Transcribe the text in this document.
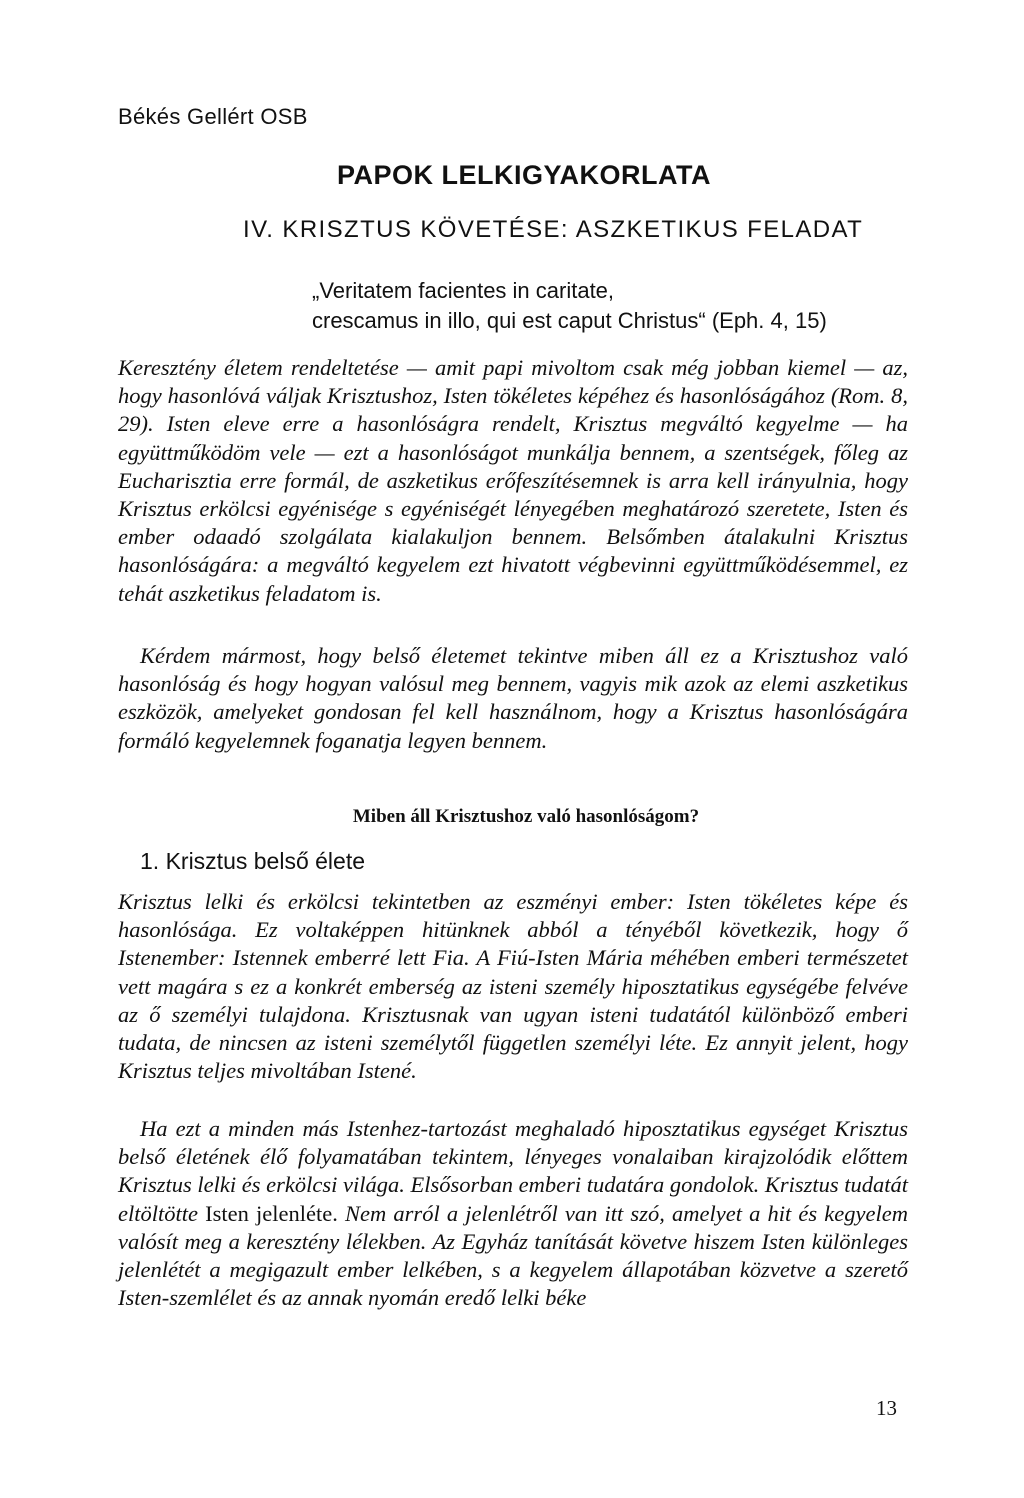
Békés Gellért OSB
PAPOK LELKIGYAKORLATA
IV. KRISZTUS KÖVETÉSE: ASZKETIKUS FELADAT
„Veritatem facientes in caritate,
crescamus in illo, qui est caput Christus“ (Eph. 4, 15)

Keresztény életem rendeltetése — amit papi mivoltom csak még jobban kiemel — az, hogy hasonlóvá váljak Krisztushoz, Isten tökéletes képéhez és hasonlóságához (Rom. 8, 29). Isten eleve erre a hasonlóságra rendelt, Krisztus megváltó kegyelme — ha együttműködöm vele — ezt a hasonlóságot munkálja bennem, a szentségek, főleg az Eucharisztia erre formál, de aszketikus erőfeszítésemnek is arra kell irányulnia, hogy Krisztus erkölcsi egyénisége s egyéniségét lényegében meghatározó szeretete, Isten és ember odaadó szolgálata kialakuljon bennem. Belsőmben átalakulni Krisztus hasonlóságára: a megváltó kegyelem ezt hivatott végbevinni együttműködésemmel, ez tehát aszketikus feladatom is.

Kérdem mármost, hogy belső életemet tekintve miben áll ez a Krisztushoz való hasonlóság és hogy hogyan valósul meg bennem, vagyis mik azok az elemi aszketikus eszközök, amelyeket gondosan fel kell használnom, hogy a Krisztus hasonlóságára formáló kegyelemnek foganatja legyen bennem.

Miben áll Krisztushoz való hasonlóságom?
1. Krisztus belső élete

Krisztus lelki és erkölcsi tekintetben az eszményi ember: Isten tökéletes képe és hasonlósága. Ez voltaképpen hitünknek abból a tényéből következik, hogy ő Istenember: Istennek emberré lett Fia. A Fiú-Isten Mária méhében emberi természetet vett magára s ez a konkrét emberség az isteni személy hiposztatikus egységébe felvéve az ő személyi tulajdona. Krisztusnak van ugyan isteni tudatától különböző emberi tudata, de nincsen az isteni személytől független személyi léte. Ez annyit jelent, hogy Krisztus teljes mivoltában Istené.

Ha ezt a minden más Istenhez-tartozást meghaladó hiposztatikus egységet Krisztus belső életének élő folyamatában tekintem, lényeges vonalaiban kirajzolódik előttem Krisztus lelki és erkölcsi világa. Elsősorban emberi tudatára gondolok. Krisztus tudatát eltöltötte Isten jelenléte. Nem arról a jelenlétről van itt szó, amelyet a hit és kegyelem valósít meg a keresztény lélekben. Az Egyház tanítását követve hiszem Isten különleges jelenlétét a megigazult ember lelkében, s a kegyelem állapotában közvetve a szerető Isten-szemlélet és az annak nyomán eredő lelki béke

13
